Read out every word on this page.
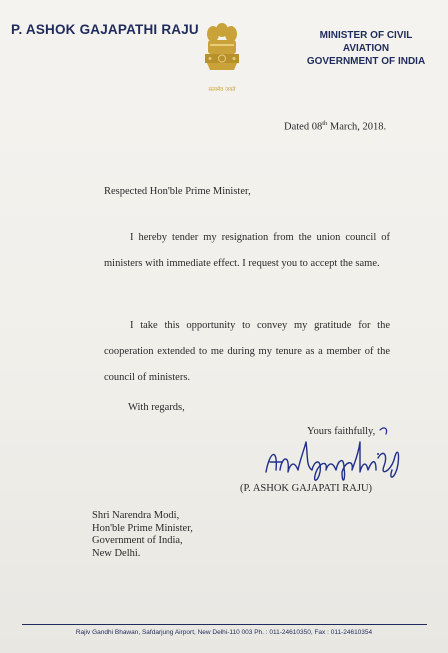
P. ASHOK GAJAPATHI RAJU
सत्यमेव जयते
MINISTER OF CIVIL AVIATION
GOVERNMENT OF INDIA
Dated 08th March, 2018.
Respected Hon'ble Prime Minister,
I hereby tender my resignation from the union council of ministers with immediate effect. I request you to accept the same.
I take this opportunity to convey my gratitude for the cooperation extended to me during my tenure as a member of the council of ministers.
With regards,
Yours faithfully,
(P. ASHOK GAJAPATI RAJU)
Shri Narendra Modi,
Hon'ble Prime Minister,
Government of India,
New Delhi.
Rajiv Gandhi Bhawan, Safdarjung Airport, New Delhi-110 003 Ph. : 011-24610350, Fax : 011-24610354
